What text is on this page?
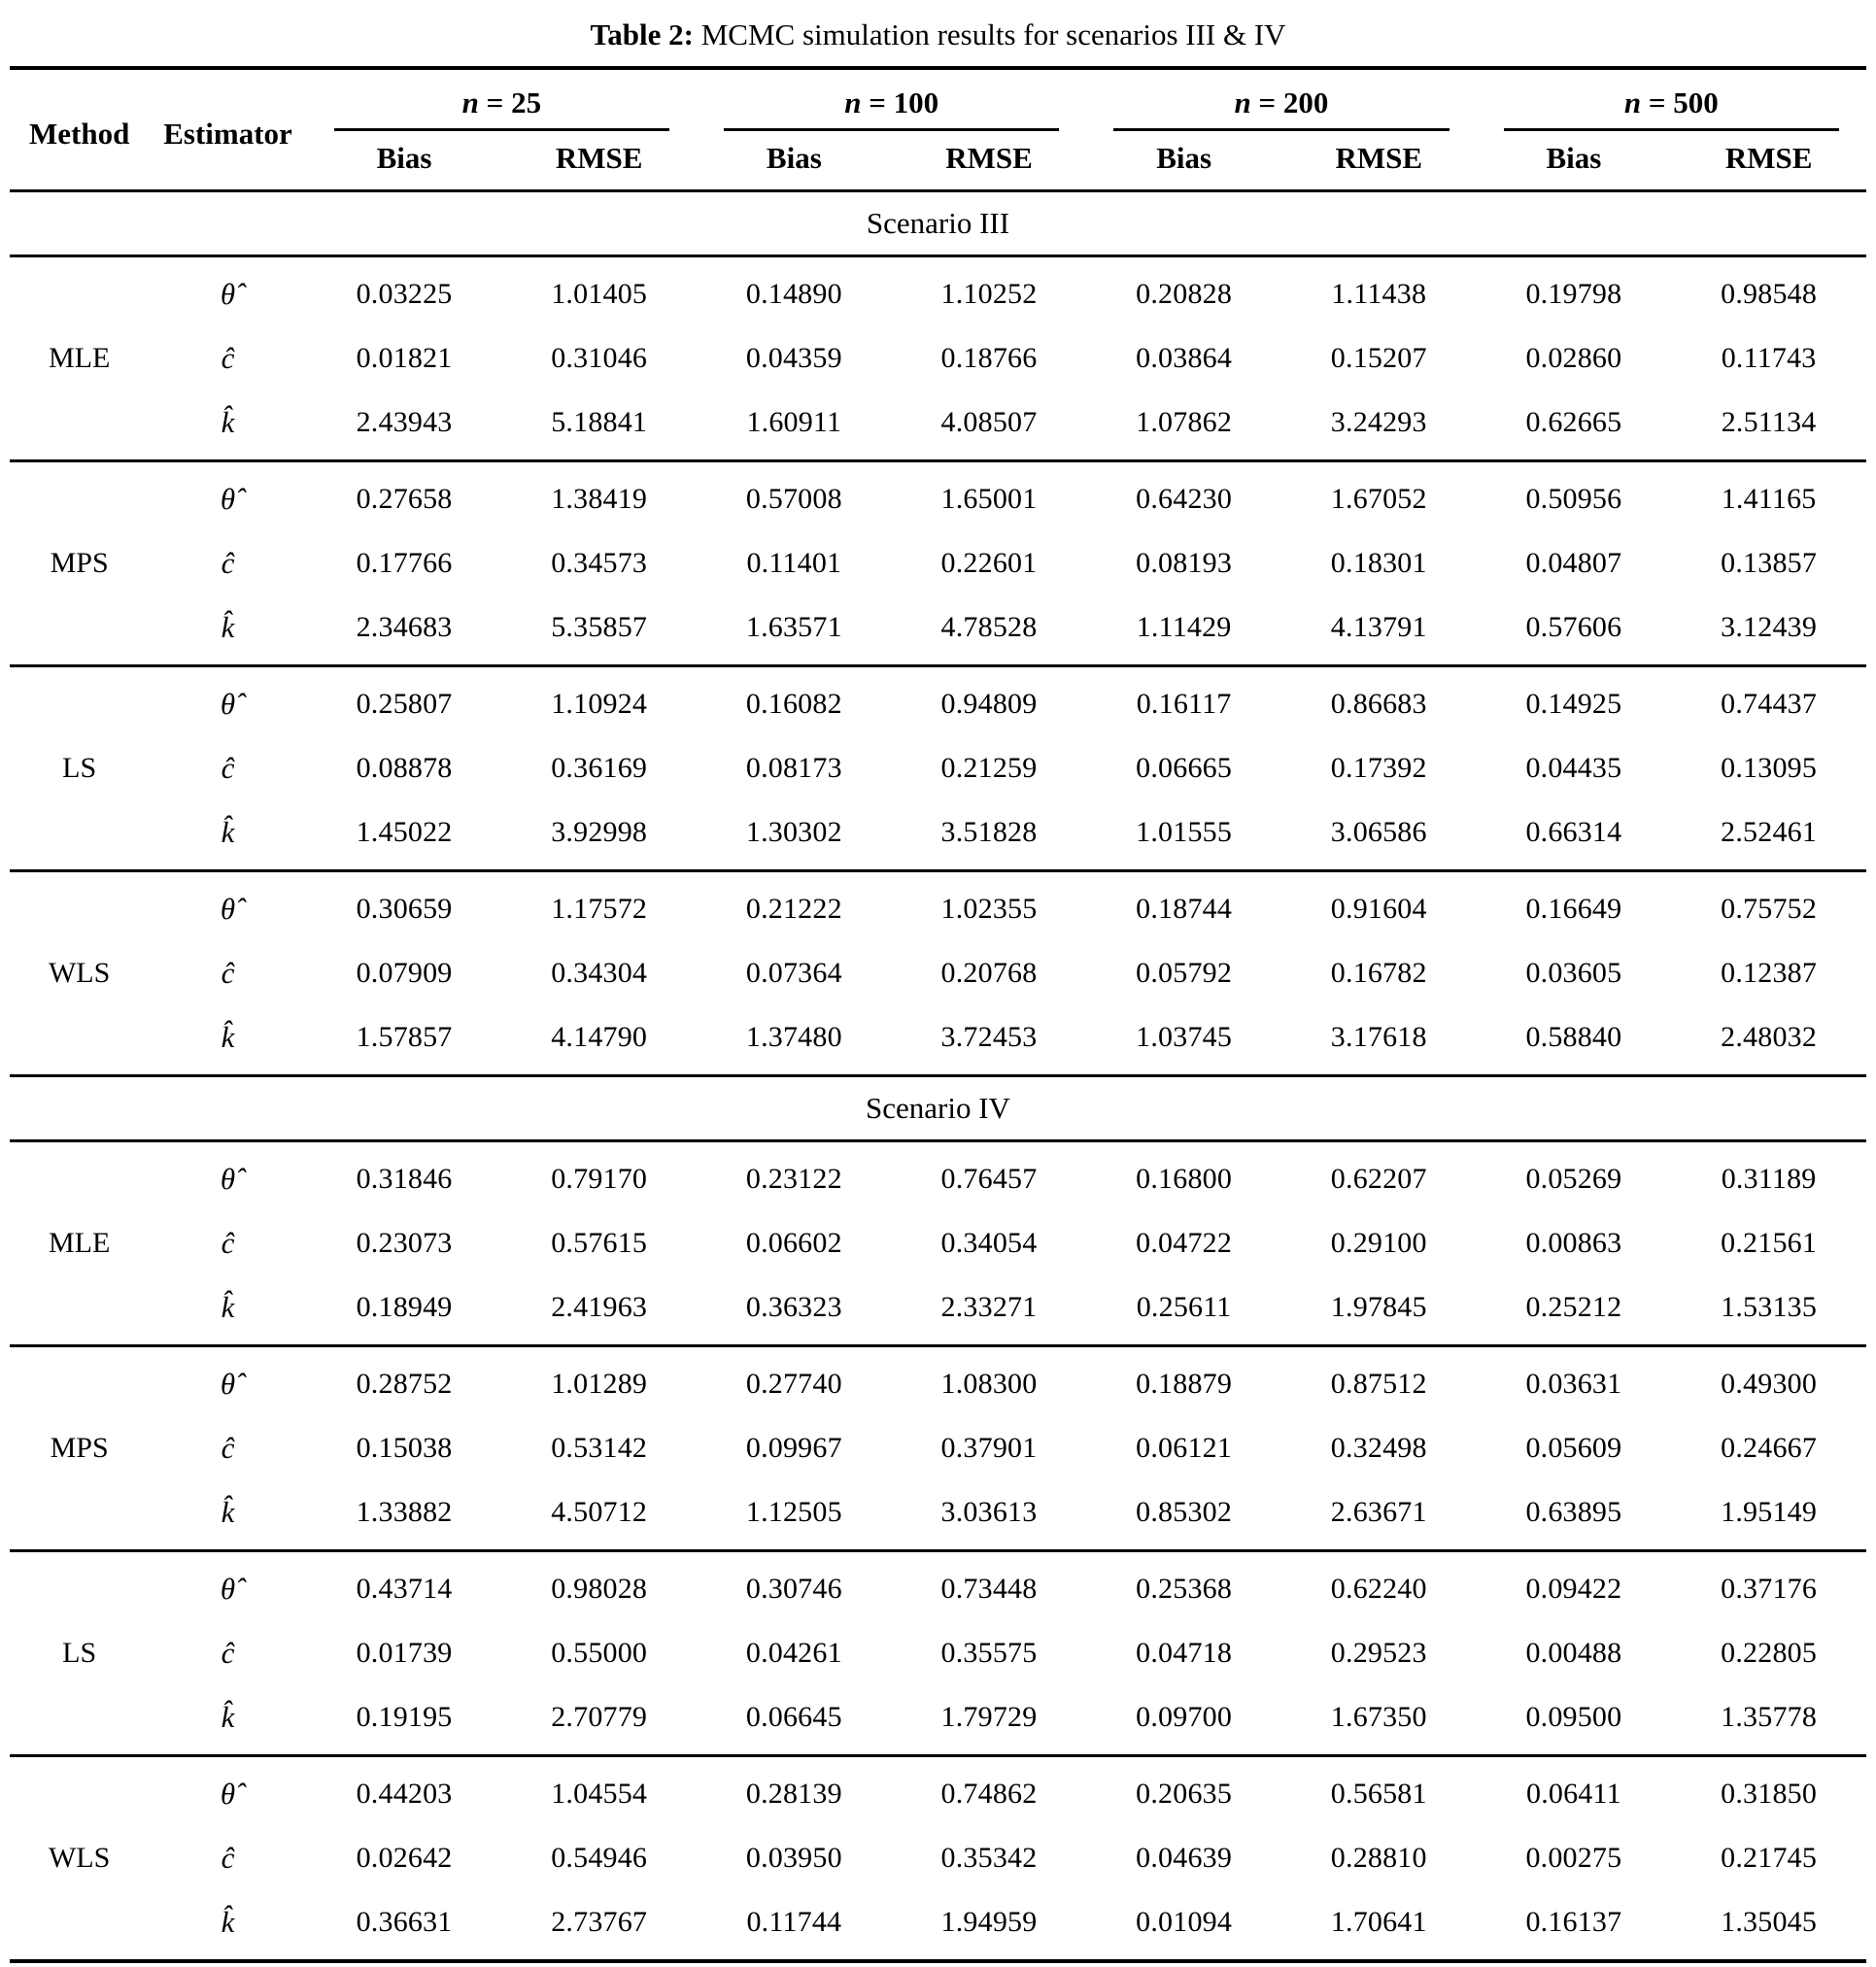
Table 2: MCMC simulation results for scenarios III & IV
Method	Estimator	n = 25		n = 100		n = 200		n = 500	

		Bias	RMSE	Bias	RMSE	Bias	RMSE	Bias	RMSE
Scenario III									
	θ̂	0.03225	1.01405	0.14890	1.10252	0.20828	1.11438	0.19798	0.98548
MLE	ĉ	0.01821	0.31046	0.04359	0.18766	0.03864	0.15207	0.02860	0.11743
	k̂	2.43943	5.18841	1.60911	4.08507	1.07862	3.24293	0.62665	2.51134
	θ̂	0.27658	1.38419	0.57008	1.65001	0.64230	1.67052	0.50956	1.41165
MPS	ĉ	0.17766	0.34573	0.11401	0.22601	0.08193	0.18301	0.04807	0.13857
	k̂	2.34683	5.35857	1.63571	4.78528	1.11429	4.13791	0.57606	3.12439
	θ̂	0.25807	1.10924	0.16082	0.94809	0.16117	0.86683	0.14925	0.74437
LS	ĉ	0.08878	0.36169	0.08173	0.21259	0.06665	0.17392	0.04435	0.13095
	k̂	1.45022	3.92998	1.30302	3.51828	1.01555	3.06586	0.66314	2.52461
	θ̂	0.30659	1.17572	0.21222	1.02355	0.18744	0.91604	0.16649	0.75752
WLS	ĉ	0.07909	0.34304	0.07364	0.20768	0.05792	0.16782	0.03605	0.12387
	k̂	1.57857	4.14790	1.37480	3.72453	1.03745	3.17618	0.58840	2.48032
Scenario IV									
	θ̂	0.31846	0.79170	0.23122	0.76457	0.16800	0.62207	0.05269	0.31189
MLE	ĉ	0.23073	0.57615	0.06602	0.34054	0.04722	0.29100	0.00863	0.21561
	k̂	0.18949	2.41963	0.36323	2.33271	0.25611	1.97845	0.25212	1.53135
	θ̂	0.28752	1.01289	0.27740	1.08300	0.18879	0.87512	0.03631	0.49300
MPS	ĉ	0.15038	0.53142	0.09967	0.37901	0.06121	0.32498	0.05609	0.24667
	k̂	1.33882	4.50712	1.12505	3.03613	0.85302	2.63671	0.63895	1.95149
	θ̂	0.43714	0.98028	0.30746	0.73448	0.25368	0.62240	0.09422	0.37176
LS	ĉ	0.01739	0.55000	0.04261	0.35575	0.04718	0.29523	0.00488	0.22805
	k̂	0.19195	2.70779	0.06645	1.79729	0.09700	1.67350	0.09500	1.35778
	θ̂	0.44203	1.04554	0.28139	0.74862	0.20635	0.56581	0.06411	0.31850
WLS	ĉ	0.02642	0.54946	0.03950	0.35342	0.04639	0.28810	0.00275	0.21745
	k̂	0.36631	2.73767	0.11744	1.94959	0.01094	1.70641	0.16137	1.35045
